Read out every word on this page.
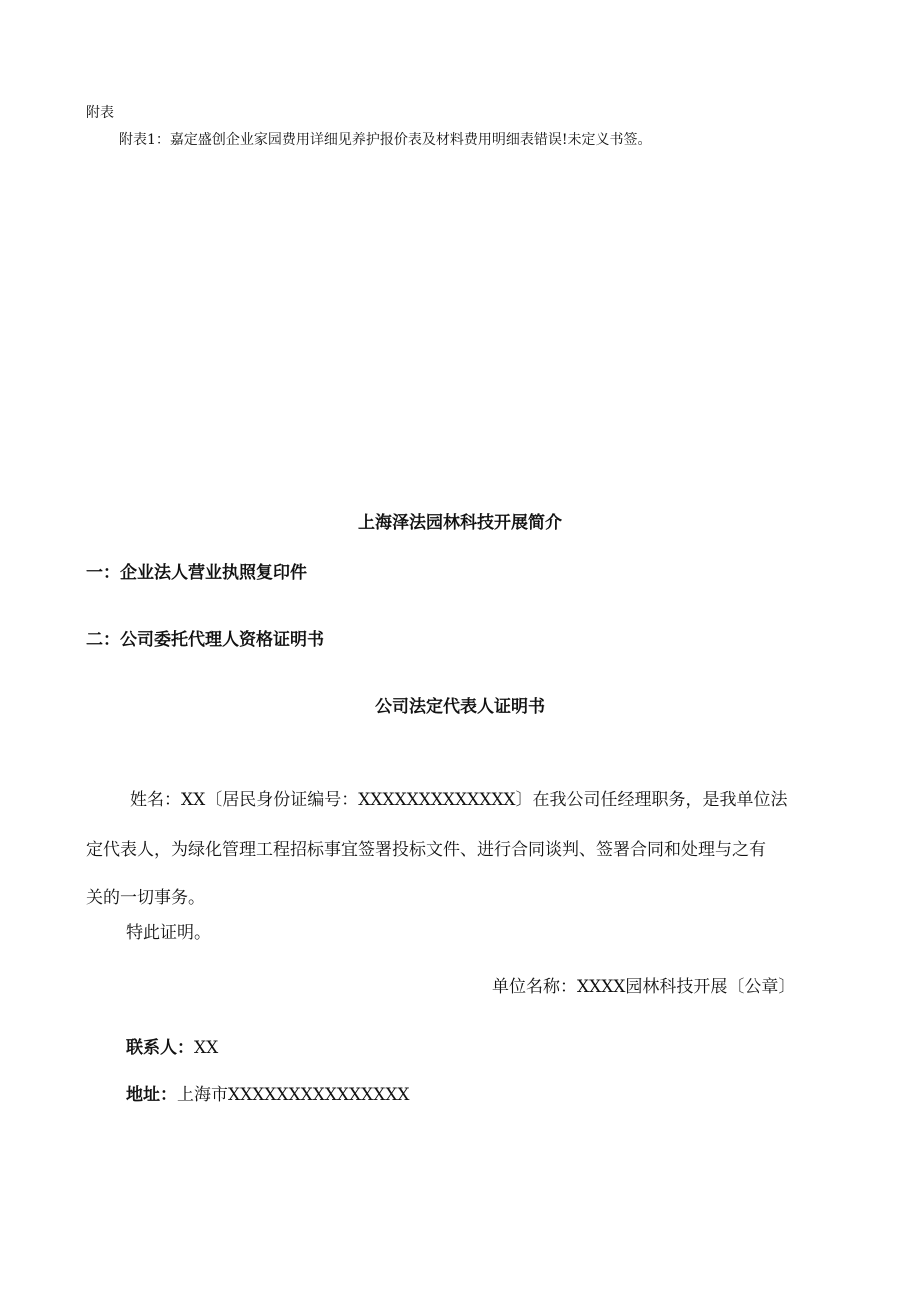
附表
附表1：嘉定盛创企业家园费用详细见养护报价表及材料费用明细表错误!未定义书签。
上海泽法园林科技开展简介
一：企业法人营业执照复印件
二：公司委托代理人资格证明书
公司法定代表人证明书
姓名：XX〔居民身份证编号：XXXXXXXXXXXXX〕在我公司任经理职务，是我单位法
定代表人，为绿化管理工程招标事宜签署投标文件、进行合同谈判、签署合同和处理与之有
关的一切事务。
特此证明。
单位名称：XXXX园林科技开展〔公章〕
联系人：XX
地址：上海市XXXXXXXXXXXXXXX
